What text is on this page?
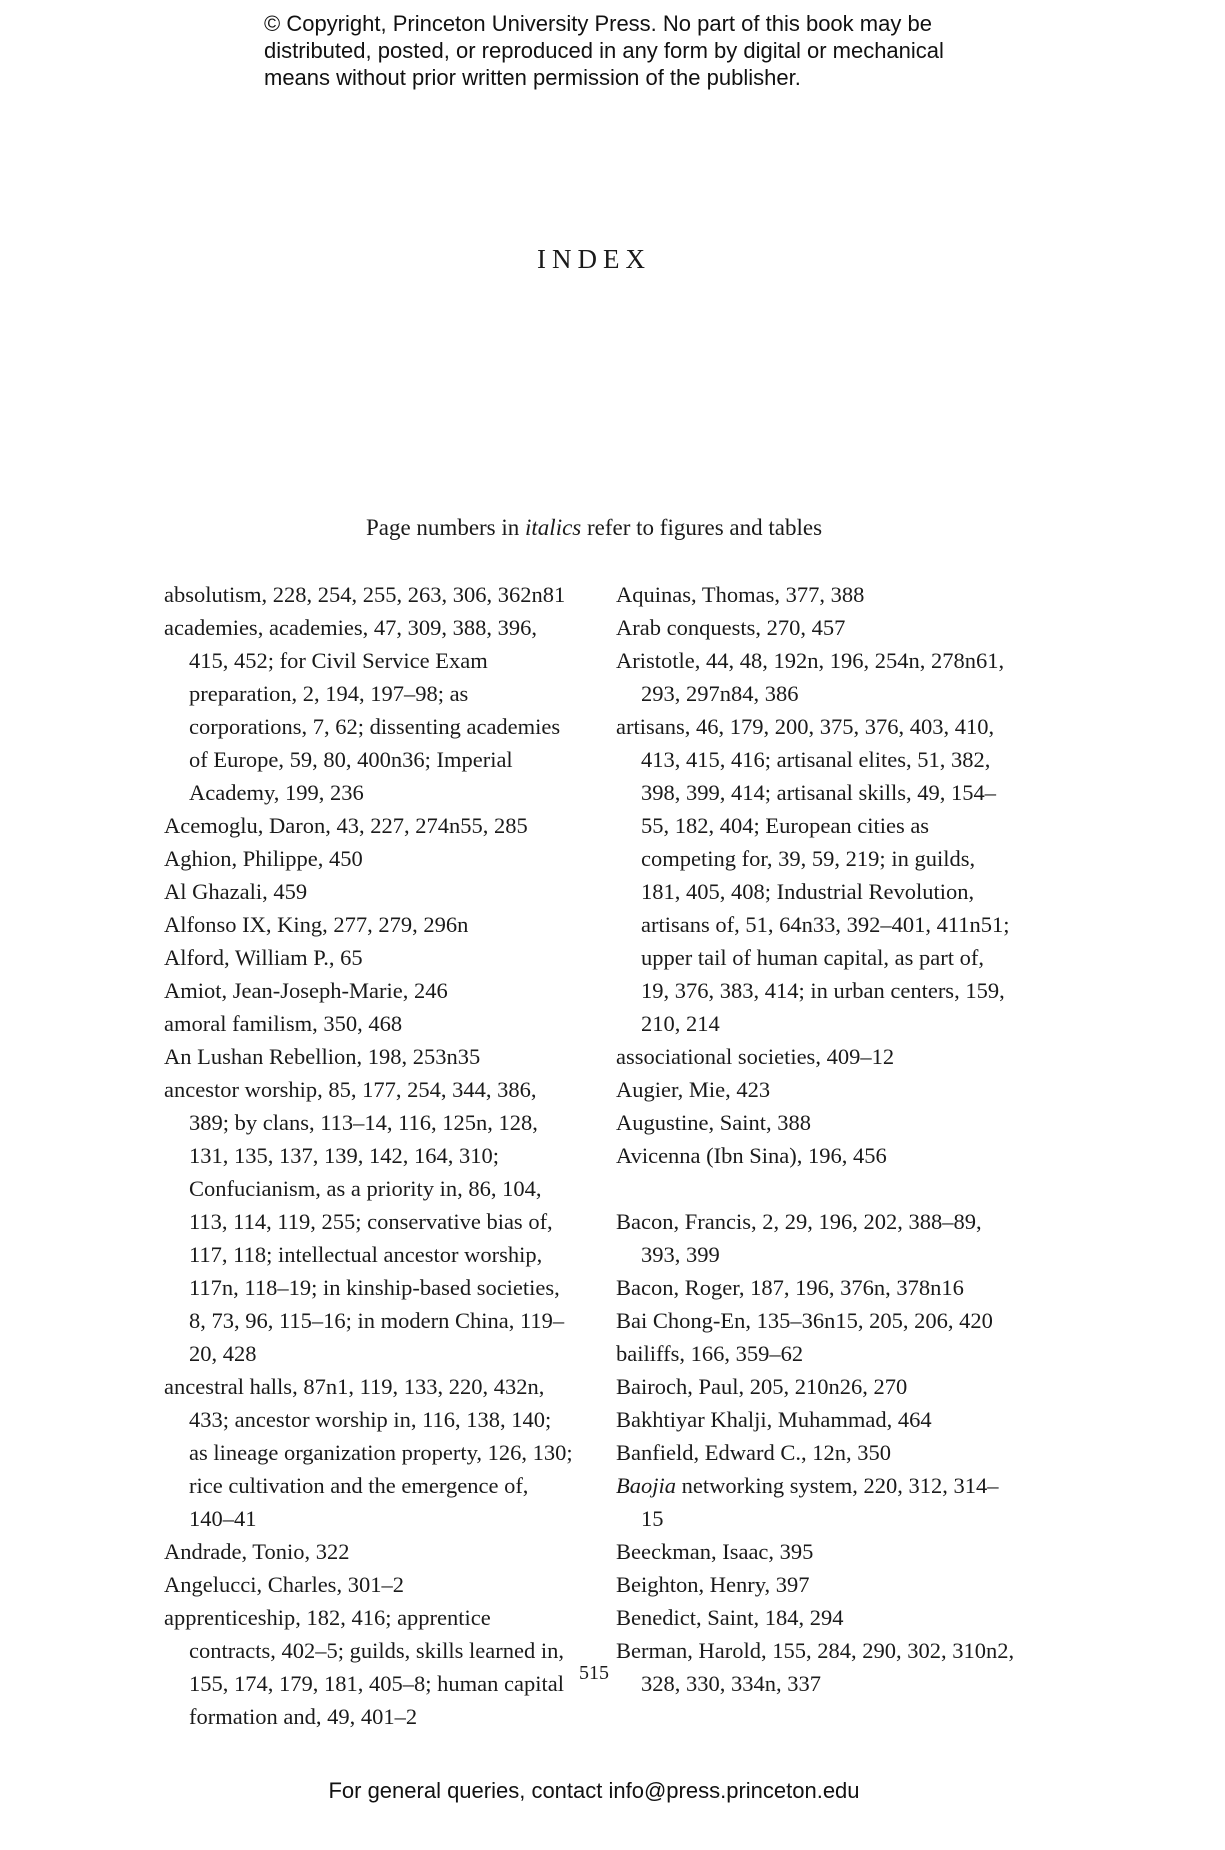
© Copyright, Princeton University Press. No part of this book may be
distributed, posted, or reproduced in any form by digital or mechanical
means without prior written permission of the publisher.
INDEX
Page numbers in italics refer to figures and tables

absolutism, 228, 254, 255, 263, 306, 362n81

academies, academies, 47, 309, 388, 396, 415, 452; for Civil Service Exam preparation, 2, 194, 197–98; as corporations, 7, 62; dissenting academies of Europe, 59, 80, 400n36; Imperial Academy, 199, 236

Acemoglu, Daron, 43, 227, 274n55, 285

Aghion, Philippe, 450

Al Ghazali, 459

Alfonso IX, King, 277, 279, 296n

Alford, William P., 65

Amiot, Jean-Joseph-Marie, 246

amoral familism, 350, 468

An Lushan Rebellion, 198, 253n35

ancestor worship, 85, 177, 254, 344, 386, 389; by clans, 113–14, 116, 125n, 128, 131, 135, 137, 139, 142, 164, 310; Confucianism, as a priority in, 86, 104, 113, 114, 119, 255; conservative bias of, 117, 118; intellectual ancestor worship, 117n, 118–19; in kinship-based societies, 8, 73, 96, 115–16; in modern China, 119–20, 428

ancestral halls, 87n1, 119, 133, 220, 432n, 433; ancestor worship in, 116, 138, 140; as lineage organization property, 126, 130; rice cultivation and the emergence of, 140–41

Andrade, Tonio, 322

Angelucci, Charles, 301–2

apprenticeship, 182, 416; apprentice contracts, 402–5; guilds, skills learned in, 155, 174, 179, 181, 405–8; human capital formation and, 49, 401–2

Aquinas, Thomas, 377, 388

Arab conquests, 270, 457

Aristotle, 44, 48, 192n, 196, 254n, 278n61, 293, 297n84, 386

artisans, 46, 179, 200, 375, 376, 403, 410, 413, 415, 416; artisanal elites, 51, 382, 398, 399, 414; artisanal skills, 49, 154–55, 182, 404; European cities as competing for, 39, 59, 219; in guilds, 181, 405, 408; Industrial Revolution, artisans of, 51, 64n33, 392–401, 411n51; upper tail of human capital, as part of, 19, 376, 383, 414; in urban centers, 159, 210, 214

associational societies, 409–12

Augier, Mie, 423

Augustine, Saint, 388

Avicenna (Ibn Sina), 196, 456

Bacon, Francis, 2, 29, 196, 202, 388–89, 393, 399

Bacon, Roger, 187, 196, 376n, 378n16

Bai Chong-En, 135–36n15, 205, 206, 420

bailiffs, 166, 359–62

Bairoch, Paul, 205, 210n26, 270

Bakhtiyar Khalji, Muhammad, 464

Banfield, Edward C., 12n, 350

Baojia networking system, 220, 312, 314–15

Beeckman, Isaac, 395

Beighton, Henry, 397

Benedict, Saint, 184, 294

Berman, Harold, 155, 284, 290, 302, 310n2, 328, 330, 334n, 337

515
For general queries, contact info@press.princeton.edu
